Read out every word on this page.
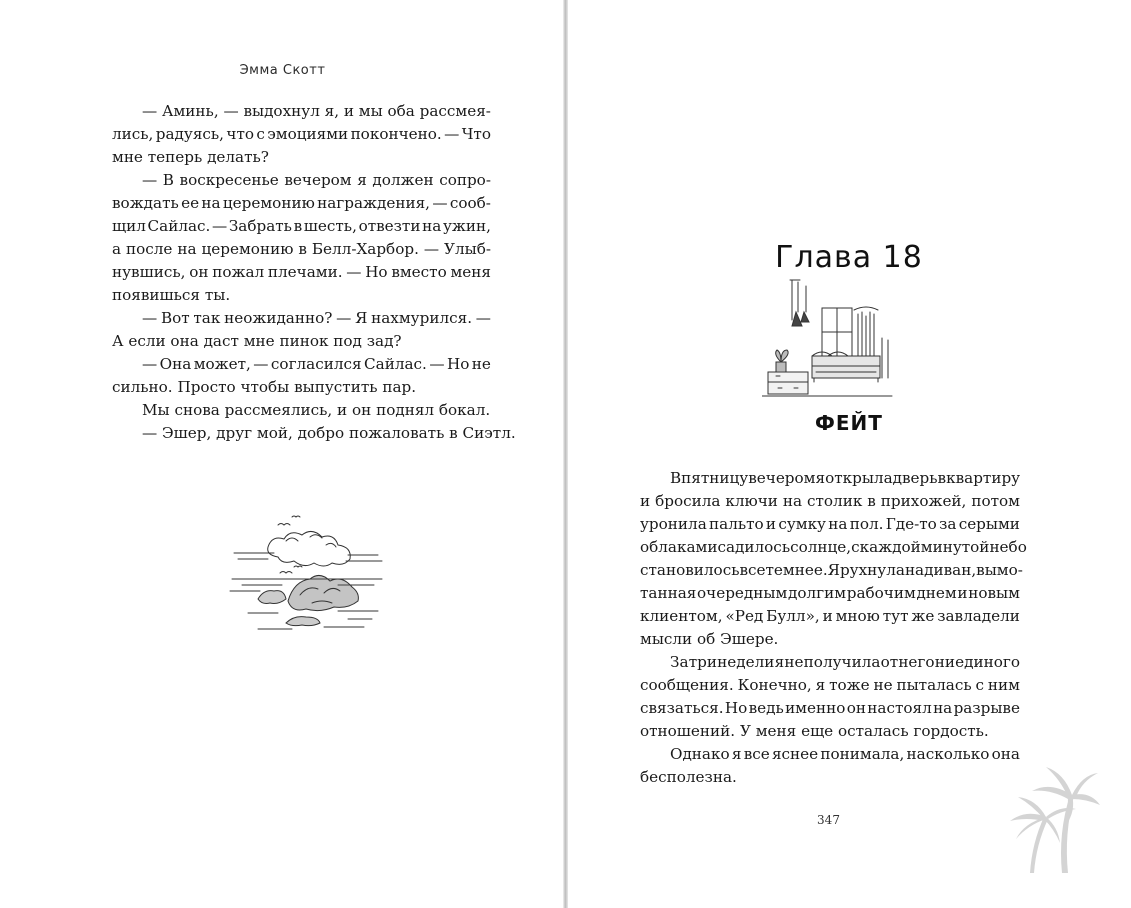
Эмма Скотт
— Аминь, — выдохнул я, и мы оба рассмея-
лись, радуясь, что с эмоциями покончено. — Что
мне теперь делать?
— В воскресенье вечером я должен сопро-
вождать ее на церемонию награждения, — сооб-
щил Сайлас. — Забрать в шесть, отвезти на ужин,
а после на церемонию в Белл-Харбор. — Улыб-
нувшись, он пожал плечами. — Но вместо меня
появишься ты.
— Вот так неожиданно? — Я нахмурился. —
А если она даст мне пинок под зад?
— Она может, — согласился Сайлас. — Но не
сильно. Просто чтобы выпустить пар.
Мы снова рассмеялись, и он поднял бокал.
— Эшер, друг мой, добро пожаловать в Сиэтл.
Глава 18
ФЕЙТ
В пятницу вечером я открыла дверь в квартиру
и бросила ключи на столик в прихожей, потом
уронила пальто и сумку на пол. Где-то за серыми
облаками садилось солнце, с каждой минутой небо
становилось все темнее. Я рухнула на диван, вымо-
танная очередным долгим рабочим днем и новым
клиентом, «Ред Булл», и мною тут же завладели
мысли об Эшере.
За три недели я не получила от него ни единого
сообщения. Конечно, я тоже не пыталась с ним
связаться. Но ведь именно он настоял на разрыве
отношений. У меня еще осталась гордость.
Однако я все яснее понимала, насколько она
бесполезна.
347
